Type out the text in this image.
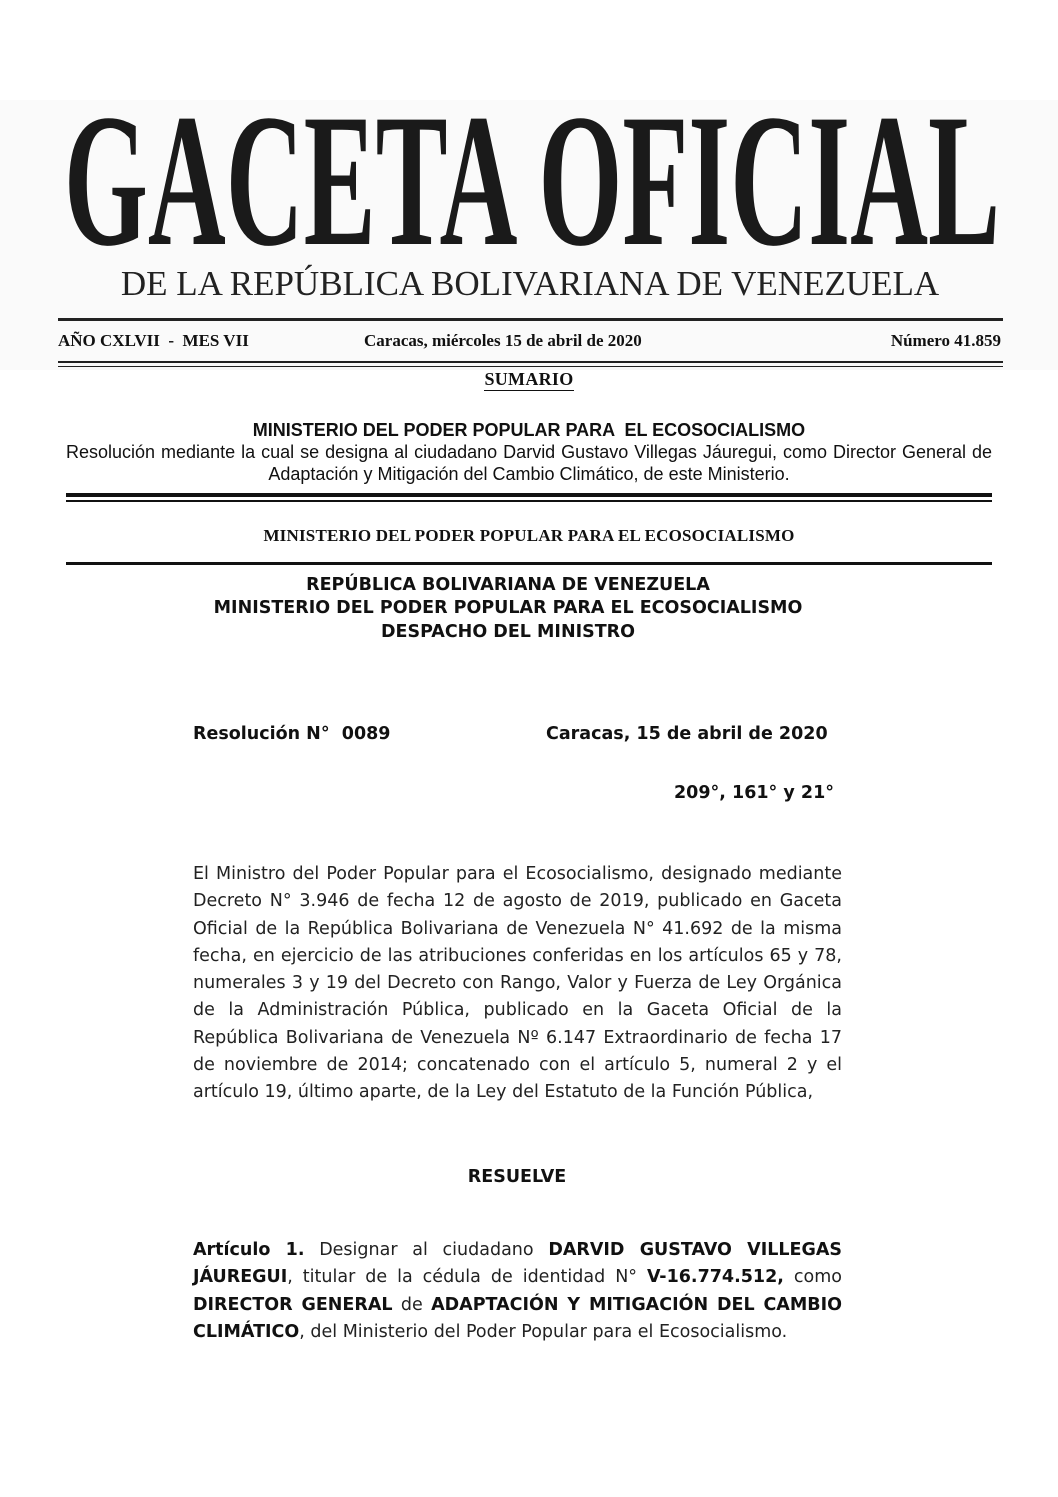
GACETA OFICIAL

DE LA REPÚBLICA BOLIVARIANA DE VENEZUELA

AÑO CXLVII  -  MES VII	Caracas, miércoles 15 de abril de 2020	Número 41.859
SUMARIO
MINISTERIO DEL PODER POPULAR PARA  EL ECOSOCIALISMO

Resolución mediante la cual se designa al ciudadano Darvid Gustavo Villegas Jáuregui, como Director General de Adaptación y Mitigación del Cambio Climático, de este Ministerio.

MINISTERIO DEL PODER POPULAR PARA EL ECOSOCIALISMO
REPÚBLICA BOLIVARIANA DE VENEZUELA
MINISTERIO DEL PODER POPULAR PARA EL ECOSOCIALISMO
DESPACHO DEL MINISTRO
Resolución N°  0089	Caracas, 15 de abril de 2020
209°, 161° y 21°

El Ministro del Poder Popular para el Ecosocialismo, designado mediante Decreto N° 3.946 de fecha 12 de agosto de 2019, publicado en Gaceta Oficial de la República Bolivariana de Venezuela N° 41.692 de la misma fecha, en ejercicio de las atribuciones conferidas en los artículos 65 y 78, numerales 3 y 19 del Decreto con Rango, Valor y Fuerza de Ley Orgánica de la Administración Pública, publicado en la Gaceta Oficial de la República Bolivariana de Venezuela Nº 6.147 Extraordinario de fecha 17 de noviembre de 2014; concatenado con el artículo 5, numeral 2 y el artículo 19, último aparte, de la Ley del Estatuto de la Función Pública,

RESUELVE

Artículo 1. Designar al ciudadano DARVID GUSTAVO VILLEGAS JÁUREGUI, titular de la cédula de identidad N° V-16.774.512, como DIRECTOR GENERAL de ADAPTACIÓN Y MITIGACIÓN DEL CAMBIO CLIMÁTICO, del Ministerio del Poder Popular para el Ecosocialismo.
